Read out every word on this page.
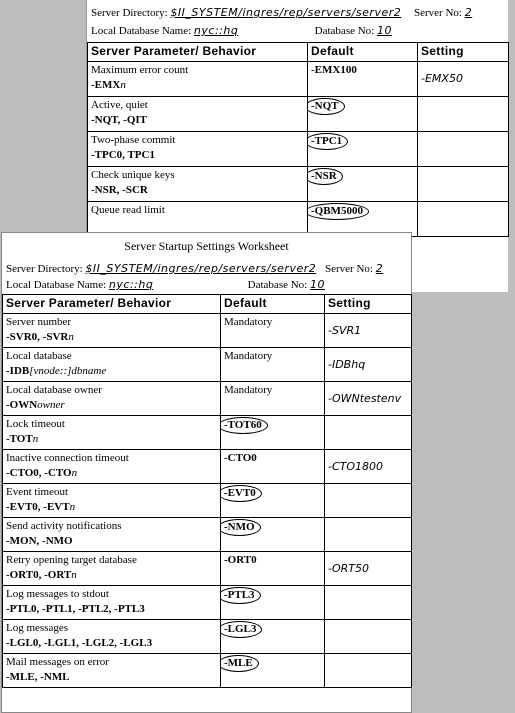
Server Directory: $II_SYSTEM/ingres/rep/servers/server2 Server No: 2
Local Database Name: nyc::hq	Database No: 10
Server Parameter/ Behavior	Default	Setting

Maximum error count
-EMXn	-EMX100	-EMX50

Active, quiet
-NQT, -QIT	-NQT	

Two-phase commit
-TPC0, TPC1	-TPC1	

Check unique keys
-NSR, -SCR	-NSR	

Queue read limit	-QBM5000	
Server Startup Settings Worksheet
Server Directory: $II_SYSTEM/ingres/rep/servers/server2 Server No: 2
Local Database Name: nyc::hq	Database No: 10
Server Parameter/ Behavior	Default	Setting

Server number
-SVR0, -SVRn	Mandatory	-SVR1

Local database
-IDB[vnode::]dbname	Mandatory	-IDBhq

Local database owner
-OWNowner	Mandatory	-OWNtestenv

Lock timeout
-TOTn	-TOT60	

Inactive connection timeout
-CTO0, -CTOn	-CTO0	-CTO1800

Event timeout
-EVT0, -EVTn	-EVT0	

Send activity notifications
-MON, -NMO	-NMO	

Retry opening target database
-ORT0, -ORTn	-ORT0	-ORT50

Log messages to stdout
-PTL0, -PTL1, -PTL2, -PTL3	-PTL3	

Log messages
-LGL0, -LGL1, -LGL2, -LGL3	-LGL3	

Mail messages on error
-MLE, -NML	-MLE	
